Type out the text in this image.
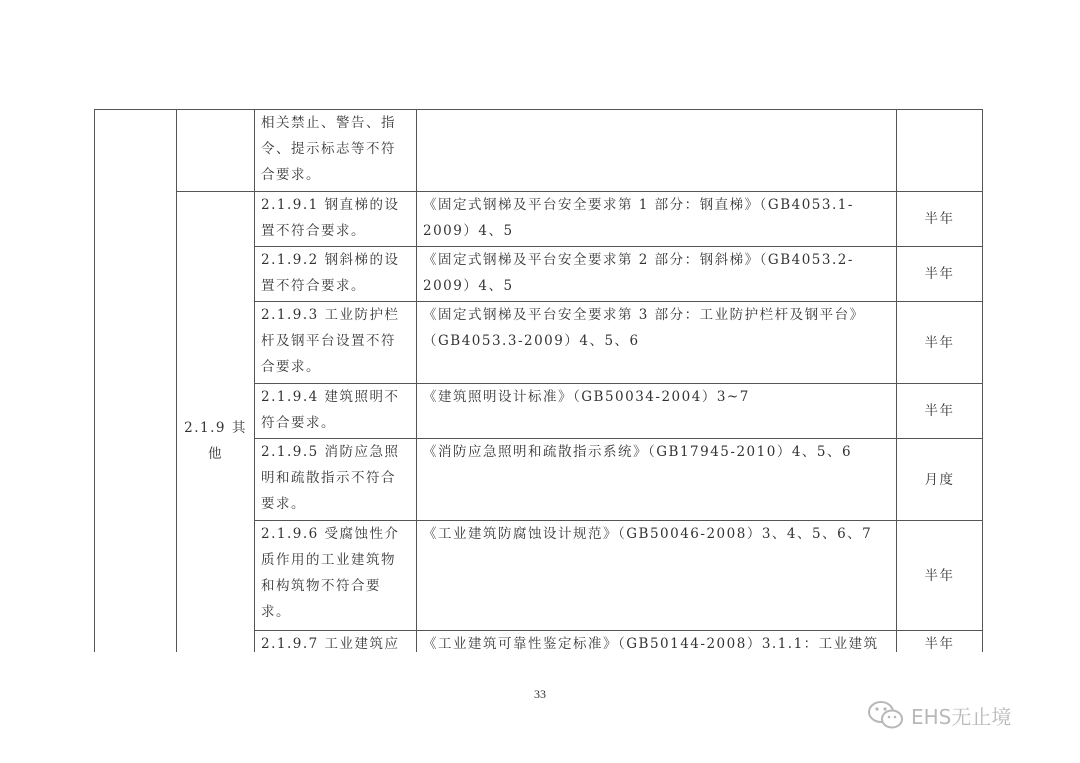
		相关禁止、警告、指令、提示标志等不符合要求。		
	2.1.9 其他	2.1.9.1 钢直梯的设置不符合要求。	《固定式钢梯及平台安全要求第 1 部分：钢直梯》（GB4053.1-2009）4、5	半年
		2.1.9.2 钢斜梯的设置不符合要求。	《固定式钢梯及平台安全要求第 2 部分：钢斜梯》（GB4053.2-2009）4、5	半年
		2.1.9.3 工业防护栏杆及钢平台设置不符合要求。	《固定式钢梯及平台安全要求第 3 部分：工业防护栏杆及钢平台》（GB4053.3-2009）4、5、6	半年
		2.1.9.4 建筑照明不符合要求。	《建筑照明设计标准》（GB50034-2004）3~7	半年
		2.1.9.5 消防应急照明和疏散指示不符合要求。	《消防应急照明和疏散指示系统》（GB17945-2010）4、5、6	月度
		2.1.9.6 受腐蚀性介质作用的工业建筑物和构筑物不符合要求。	《工业建筑防腐蚀设计规范》（GB50046-2008）3、4、5、6、7	半年
		2.1.9.7 工业建筑应	《工业建筑可靠性鉴定标准》（GB50144-2008）3.1.1：工业建筑	半年
33
EHS无止境
